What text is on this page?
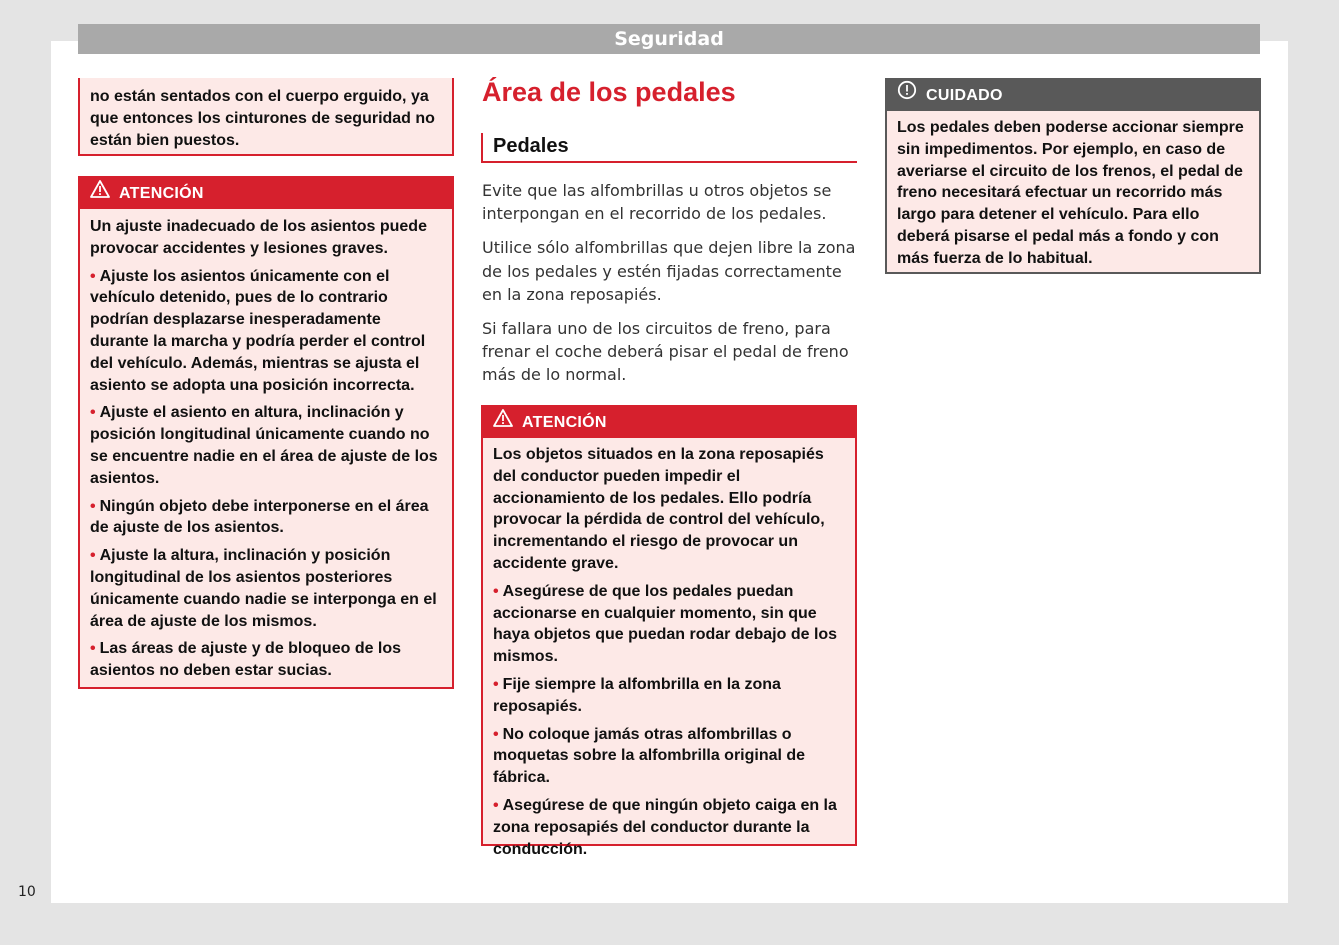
Seguridad

no están sentados con el cuerpo erguido, ya que entonces los cinturones de seguridad no están bien puestos.

ATENCIÓN

Un ajuste inadecuado de los asientos puede provocar accidentes y lesiones graves.

• Ajuste los asientos únicamente con el vehículo detenido, pues de lo contrario podrían desplazarse inesperadamente durante la marcha y podría perder el control del vehículo. Además, mientras se ajusta el asiento se adopta una posición incorrecta.

• Ajuste el asiento en altura, inclinación y posición longitudinal únicamente cuando no se encuentre nadie en el área de ajuste de los asientos.

• Ningún objeto debe interponerse en el área de ajuste de los asientos.

• Ajuste la altura, inclinación y posición longitudinal de los asientos posteriores únicamente cuando nadie se interponga en el área de ajuste de los mismos.

• Las áreas de ajuste y de bloqueo de los asientos no deben estar sucias.

Área de los pedales
Pedales

Evite que las alfombrillas u otros objetos se interpongan en el recorrido de los pedales.

Utilice sólo alfombrillas que dejen libre la zona de los pedales y estén fijadas correctamente en la zona reposapiés.

Si fallara uno de los circuitos de freno, para frenar el coche deberá pisar el pedal de freno más de lo normal.

ATENCIÓN

Los objetos situados en la zona reposapiés del conductor pueden impedir el accionamiento de los pedales. Ello podría provocar la pérdida de control del vehículo, incrementando el riesgo de provocar un accidente grave.

• Asegúrese de que los pedales puedan accionarse en cualquier momento, sin que haya objetos que puedan rodar debajo de los mismos.

• Fije siempre la alfombrilla en la zona reposapiés.

• No coloque jamás otras alfombrillas o moquetas sobre la alfombrilla original de fábrica.

• Asegúrese de que ningún objeto caiga en la zona reposapiés del conductor durante la conducción.

CUIDADO

Los pedales deben poderse accionar siempre sin impedimentos. Por ejemplo, en caso de averiarse el circuito de los frenos, el pedal de freno necesitará efectuar un recorrido más largo para detener el vehículo. Para ello deberá pisarse el pedal más a fondo y con más fuerza de lo habitual.

10
